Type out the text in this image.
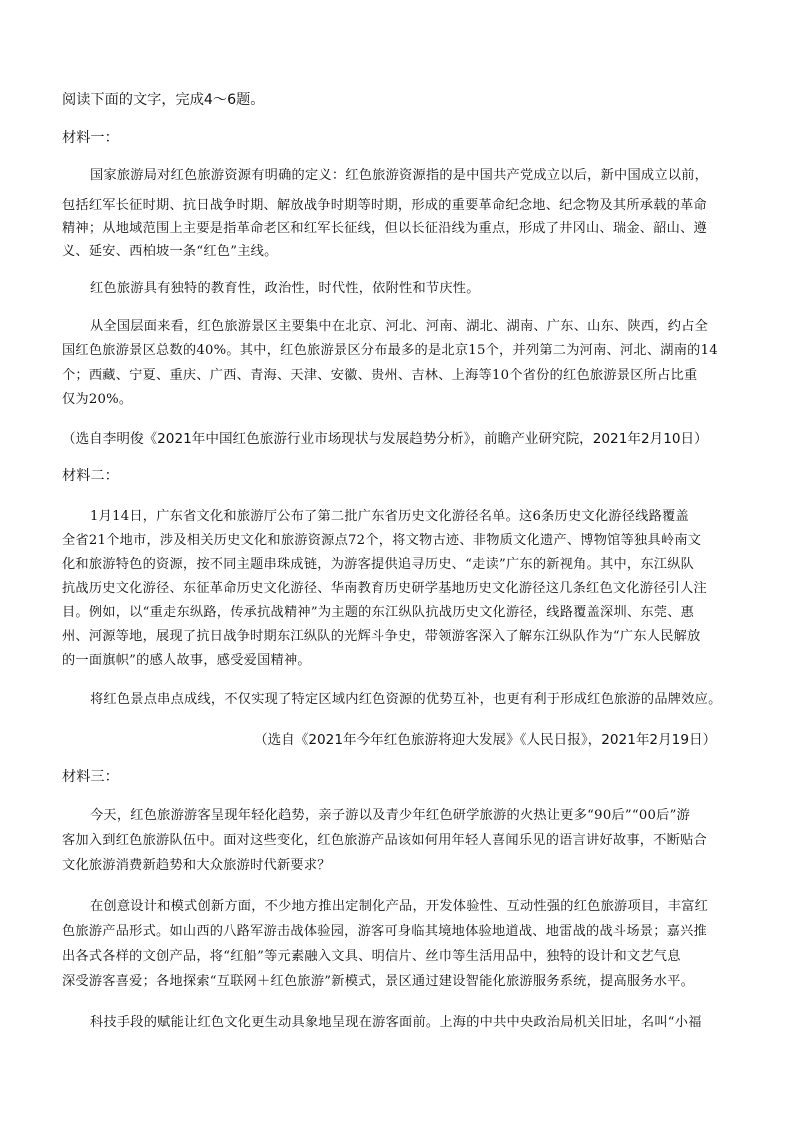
阅读下面的文字，完成4～6题。
材料一：
国家旅游局对红色旅游资源有明确的定义：红色旅游资源指的是中国共产党成立以后，新中国成立以前，
包括红军长征时期、抗日战争时期、解放战争时期等时期，形成的重要革命纪念地、纪念物及其所承载的革命
精神；从地域范围上主要是指革命老区和红军长征线，但以长征沿线为重点，形成了井冈山、瑞金、韶山、遵
义、延安、西柏坡一条“红色”主线。
红色旅游具有独特的教育性，政治性，时代性，依附性和节庆性。
从全国层面来看，红色旅游景区主要集中在北京、河北、河南、湖北、湖南、广东、山东、陕西，约占全
国红色旅游景区总数的40%。其中，红色旅游景区分布最多的是北京15个，并列第二为河南、河北、湖南的14
个；西藏、宁夏、重庆、广西、青海、天津、安徽、贵州、吉林、上海等10个省份的红色旅游景区所占比重
仅为20%。
（选自李明俊《2021年中国红色旅游行业市场现状与发展趋势分析》，前瞻产业研究院，2021年2月10日）
材料二：
1月14日，广东省文化和旅游厅公布了第二批广东省历史文化游径名单。这6条历史文化游径线路覆盖
全省21个地市，涉及相关历史文化和旅游资源点72个，将文物古迹、非物质文化遗产、博物馆等独具岭南文
化和旅游特色的资源，按不同主题串珠成链，为游客提供追寻历史、“走读”广东的新视角。其中，东江纵队
抗战历史文化游径、东征革命历史文化游径、华南教育历史研学基地历史文化游径这几条红色文化游径引人注
目。例如，以“重走东纵路，传承抗战精神”为主题的东江纵队抗战历史文化游径，线路覆盖深圳、东莞、惠
州、河源等地，展现了抗日战争时期东江纵队的光辉斗争史，带领游客深入了解东江纵队作为“广东人民解放
的一面旗帜”的感人故事，感受爱国精神。
将红色景点串点成线，不仅实现了特定区域内红色资源的优势互补，也更有利于形成红色旅游的品牌效应。
（选自《2021年今年红色旅游将迎大发展》《人民日报》，2021年2月19日）
材料三：
今天，红色旅游游客呈现年轻化趋势，亲子游以及青少年红色研学旅游的火热让更多“90后”“00后”游
客加入到红色旅游队伍中。面对这些变化，红色旅游产品该如何用年轻人喜闻乐见的语言讲好故事，不断贴合
文化旅游消费新趋势和大众旅游时代新要求？
在创意设计和模式创新方面，不少地方推出定制化产品，开发体验性、互动性强的红色旅游项目，丰富红
色旅游产品形式。如山西的八路军游击战体验园，游客可身临其境地体验地道战、地雷战的战斗场景；嘉兴推
出各式各样的文创产品，将“红船”等元素融入文具、明信片、丝巾等生活用品中，独特的设计和文艺气息
深受游客喜爱；各地探索“互联网＋红色旅游”新模式，景区通过建设智能化旅游服务系统，提高服务水平。
科技手段的赋能让红色文化更生动具象地呈现在游客面前。上海的中共中央政治局机关旧址，名叫“小福
